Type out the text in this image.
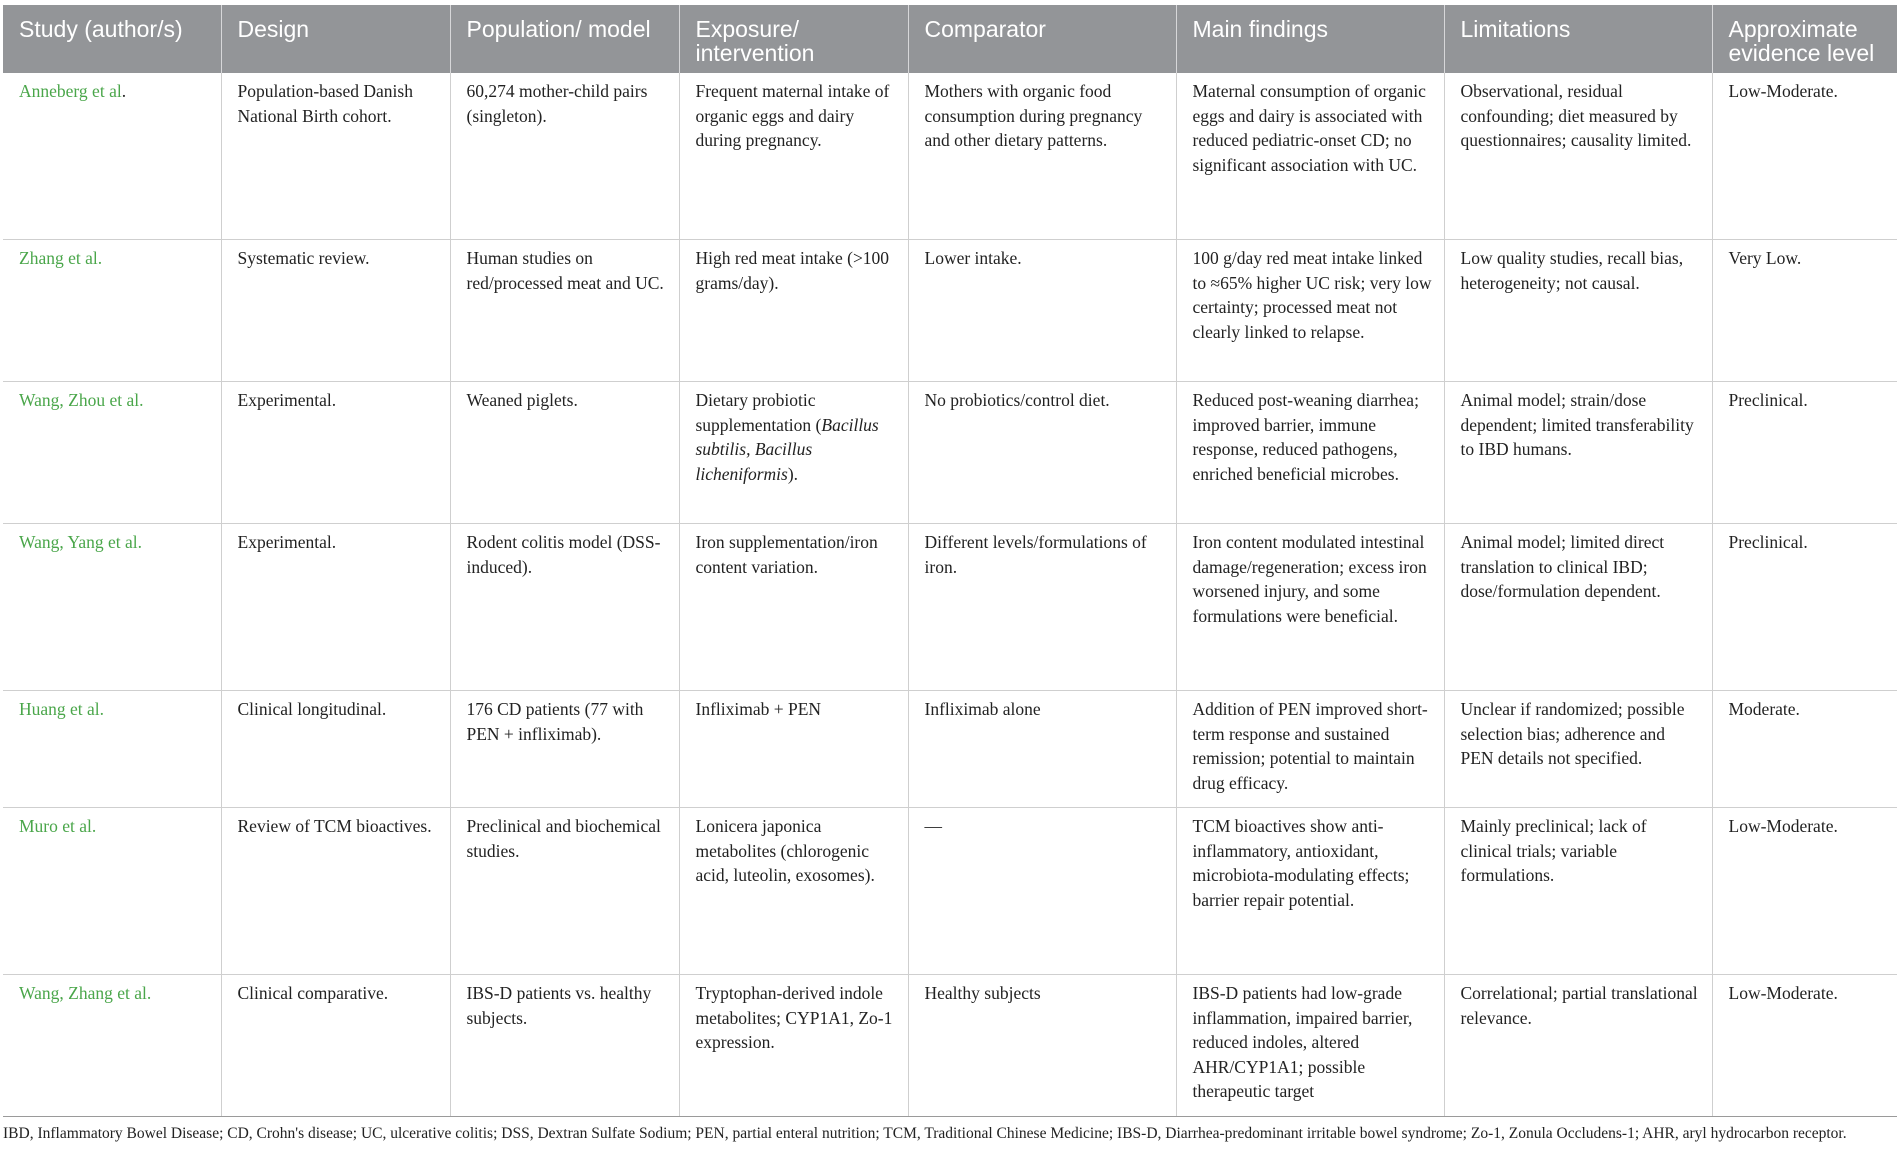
Study (author/s)	Design	Population/ model	Exposure/ intervention	Comparator	Main findings	Limitations	Approximate evidence level
Anneberg et al.	Population-based Danish National Birth cohort.	60,274 mother-child pairs (singleton).	Frequent maternal intake of organic eggs and dairy during pregnancy.	Mothers with organic food consumption during pregnancy and other dietary patterns.	Maternal consumption of organic eggs and dairy is associated with reduced pediatric-onset CD; no significant association with UC.	Observational, residual confounding; diet measured by questionnaires; causality limited.	Low-Moderate.
Zhang et al.	Systematic review.	Human studies on red/processed meat and UC.	High red meat intake (>100 grams/day).	Lower intake.	100 g/day red meat intake linked to ≈65% higher UC risk; very low certainty; processed meat not clearly linked to relapse.	Low quality studies, recall bias, heterogeneity; not causal.	Very Low.
Wang, Zhou et al.	Experimental.	Weaned piglets.	Dietary probiotic supplementation (Bacillus subtilis, Bacillus licheniformis).	No probiotics/control diet.	Reduced post-weaning diarrhea; improved barrier, immune response, reduced pathogens, enriched beneficial microbes.	Animal model; strain/dose dependent; limited transferability to IBD humans.	Preclinical.
Wang, Yang et al.	Experimental.	Rodent colitis model (DSS-induced).	Iron supplementation/iron content variation.	Different levels/formulations of iron.	Iron content modulated intestinal damage/regeneration; excess iron worsened injury, and some formulations were beneficial.	Animal model; limited direct translation to clinical IBD; dose/formulation dependent.	Preclinical.
Huang et al.	Clinical longitudinal.	176 CD patients (77 with PEN + infliximab).	Infliximab + PEN	Infliximab alone	Addition of PEN improved short-term response and sustained remission; potential to maintain drug efficacy.	Unclear if randomized; possible selection bias; adherence and PEN details not specified.	Moderate.
Muro et al.	Review of TCM bioactives.	Preclinical and biochemical studies.	Lonicera japonica metabolites (chlorogenic acid, luteolin, exosomes).	—	TCM bioactives show anti-inflammatory, antioxidant, microbiota-modulating effects; barrier repair potential.	Mainly preclinical; lack of clinical trials; variable formulations.	Low-Moderate.
Wang, Zhang et al.	Clinical comparative.	IBS-D patients vs. healthy subjects.	Tryptophan-derived indole metabolites; CYP1A1, Zo-1 expression.	Healthy subjects	IBS-D patients had low-grade inflammation, impaired barrier, reduced indoles, altered AHR/CYP1A1; possible therapeutic target	Correlational; partial translational relevance.	Low-Moderate.
IBD, Inflammatory Bowel Disease; CD, Crohn's disease; UC, ulcerative colitis; DSS, Dextran Sulfate Sodium; PEN, partial enteral nutrition; TCM, Traditional Chinese Medicine; IBS-D, Diarrhea-predominant irritable bowel syndrome; Zo-1, Zonula Occludens-1; AHR, aryl hydrocarbon receptor.
